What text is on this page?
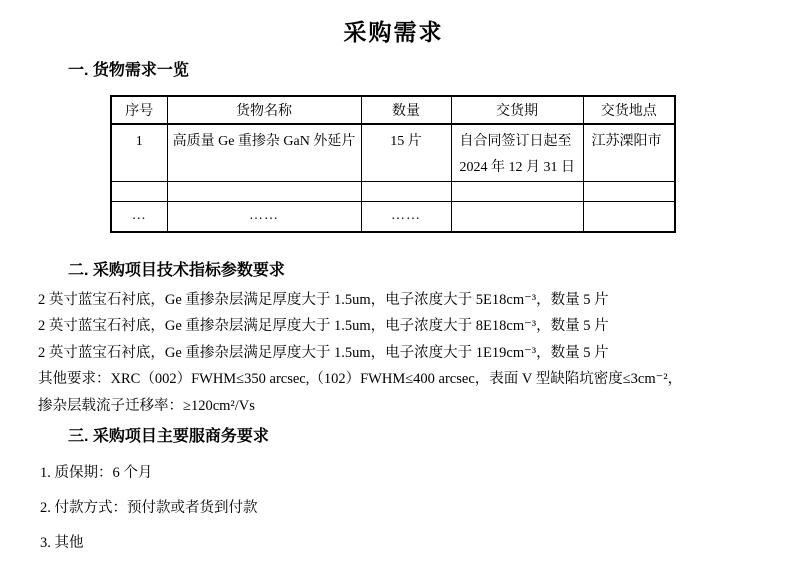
采购需求
一. 货物需求一览
序号	货物名称	数量	交货期	交货地点
1	高质量 Ge 重掺杂 GaN 外延片	15 片	自合同签订日起至 2024 年 12 月 31 日	江苏溧阳市

…	……	……		
二. 采购项目技术指标参数要求
2 英寸蓝宝石衬底，Ge 重掺杂层满足厚度大于 1.5um，电子浓度大于 5E18cm⁻³，数量 5 片
2 英寸蓝宝石衬底，Ge 重掺杂层满足厚度大于 1.5um，电子浓度大于 8E18cm⁻³，数量 5 片
2 英寸蓝宝石衬底，Ge 重掺杂层满足厚度大于 1.5um，电子浓度大于 1E19cm⁻³，数量 5 片
其他要求：XRC（002）FWHM≤350 arcsec,（102）FWHM≤400 arcsec，表面 V 型缺陷坑密度≤3cm⁻²，
掺杂层载流子迁移率：≥120cm²/Vs
三. 采购项目主要服商务要求
1. 质保期：6 个月
2. 付款方式：预付款或者货到付款
3. 其他
